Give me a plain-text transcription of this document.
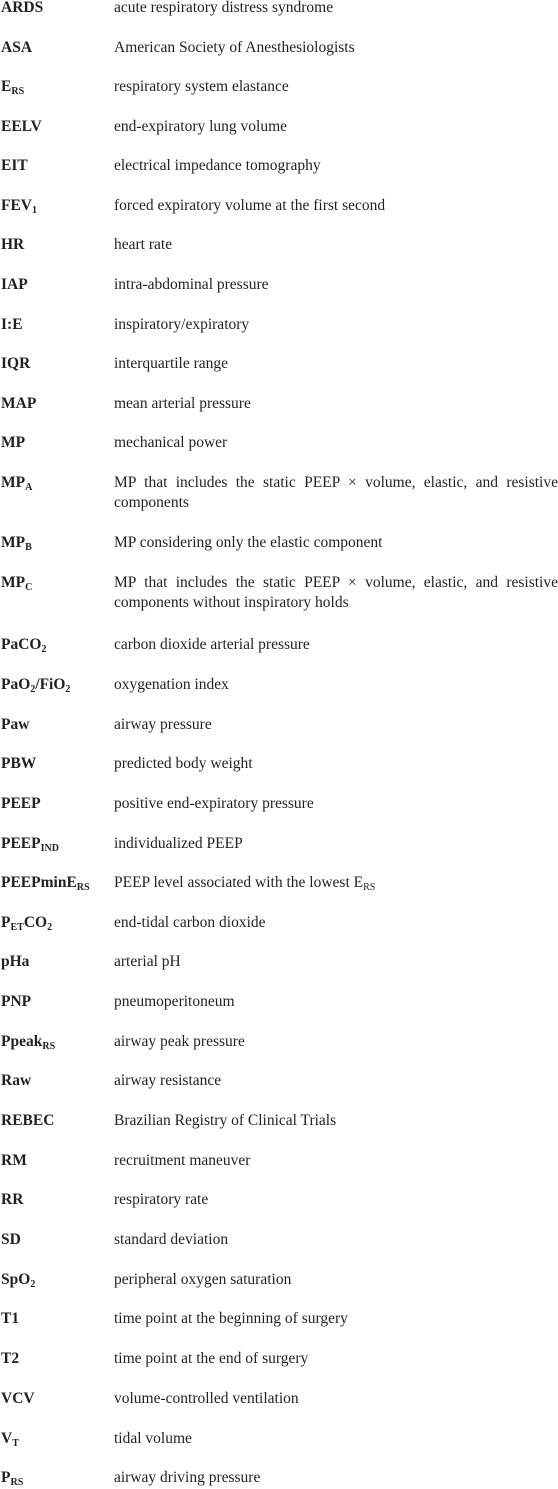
ARDS	acute respiratory distress syndrome
ASA	American Society of Anesthesiologists
$E_{RS}$	respiratory system elastance
EELV	end-expiratory lung volume
EIT	electrical impedance tomography
$FEV_1$	forced expiratory volume at the first second
HR	heart rate
IAP	intra-abdominal pressure
I:E	inspiratory/expiratory
IQR	interquartile range
MAP	mean arterial pressure
MP	mechanical power
$MP_A$	MP that includes the static PEEP × volume, elastic, and resistive components
$MP_B$	MP considering only the elastic component
$MP_C$	MP that includes the static PEEP × volume, elastic, and resistive components without inspiratory holds
PaCO$_2$	carbon dioxide arterial pressure
PaO$_2$/FiO$_2$	oxygenation index
Paw	airway pressure
PBW	predicted body weight
PEEP	positive end-expiratory pressure
$PEEP_{IND}$	individualized PEEP
PEEPminE$_{RS}$	PEEP level associated with the lowest $E_{RS}$
$P_{ET}CO_2$	end-tidal carbon dioxide
pHa	arterial pH
PNP	pneumoperitoneum
Ppeak$_{RS}$	airway peak pressure
Raw	airway resistance
REBEC	Brazilian Registry of Clinical Trials
RM	recruitment maneuver
RR	respiratory rate
SD	standard deviation
SpO$_2$	peripheral oxygen saturation
T1	time point at the beginning of surgery
T2	time point at the end of surgery
VCV	volume-controlled ventilation
$V_T$	tidal volume
$P_{RS}$	airway driving pressure
